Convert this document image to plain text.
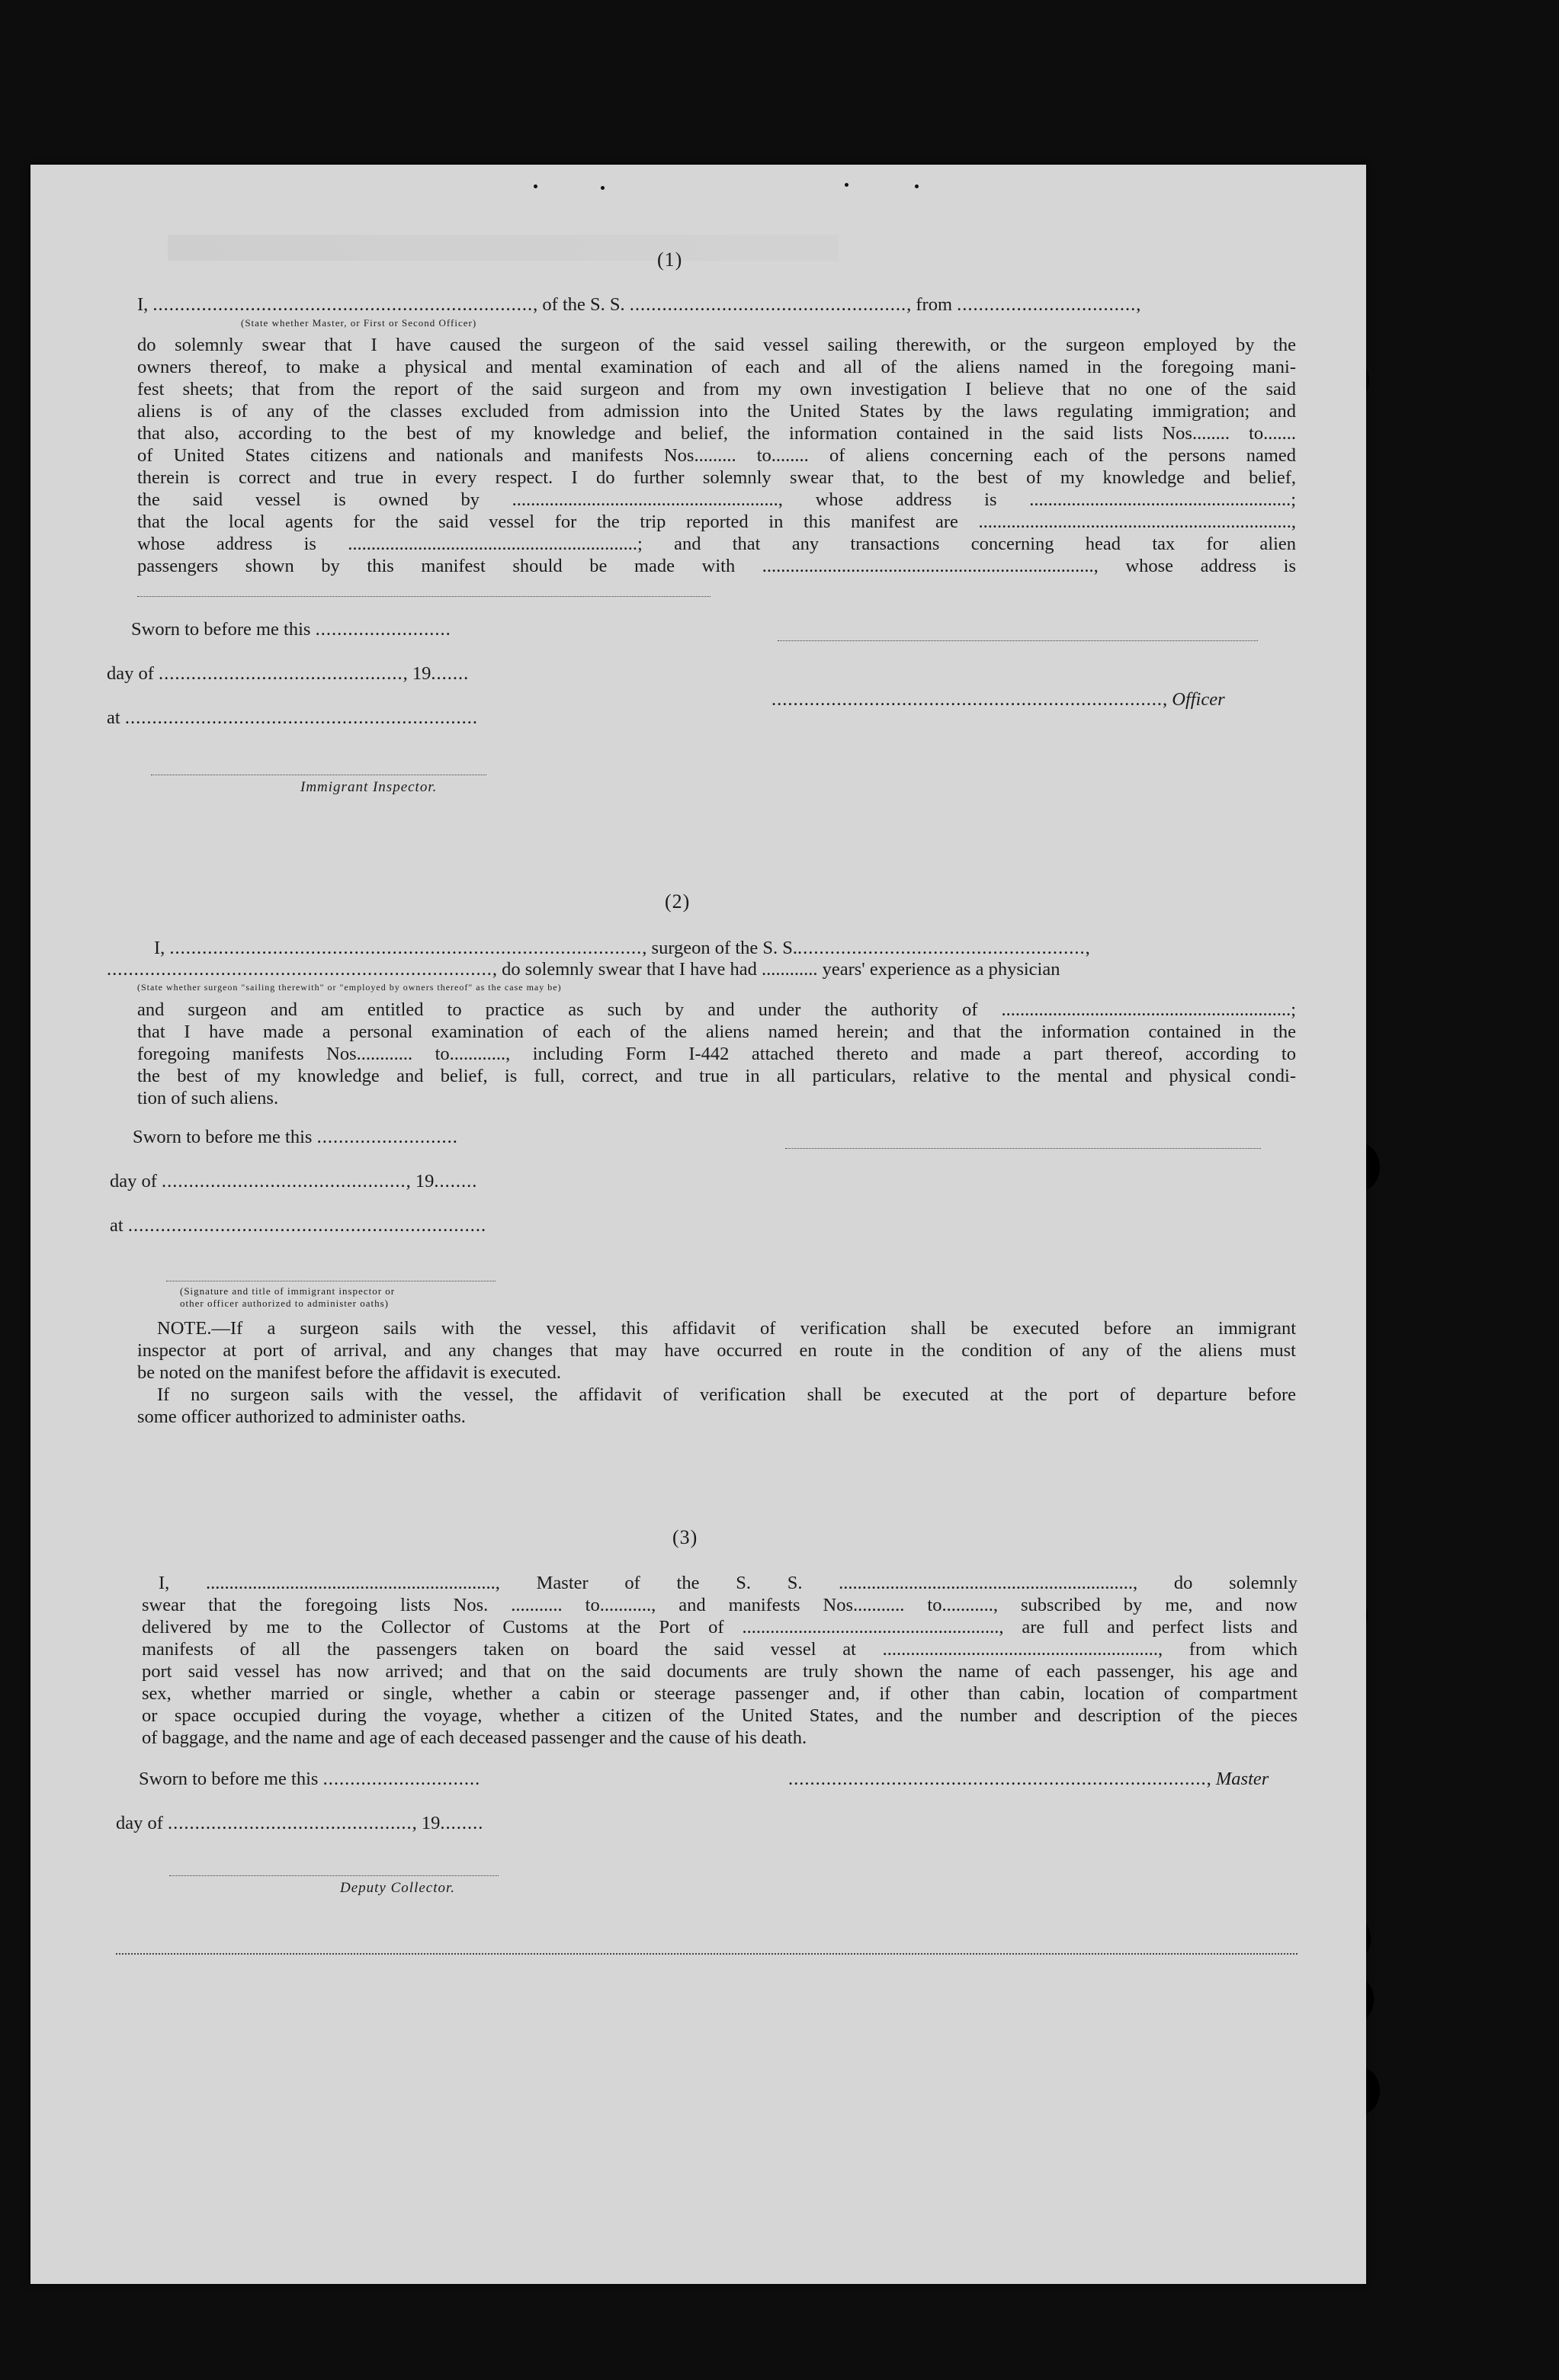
(1)
I, ......................................................................, of the S. S. ..................................................., from .................................,
(State whether Master, or First or Second Officer)
do solemnly swear that I have caused the surgeon of the said vessel sailing therewith, or the surgeon employed by the
owners thereof, to make a physical and mental examination of each and all of the aliens named in the foregoing mani-
fest sheets; that from the report of the said surgeon and from my own investigation I believe that no one of the said
aliens is of any of the classes excluded from admission into the United States by the laws regulating immigration; and
that also, according to the best of my knowledge and belief, the information contained in the said lists Nos........ to.......
of United States citizens and nationals and manifests Nos......... to........ of aliens concerning each of the persons named
therein is correct and true in every respect. I do further solemnly swear that, to the best of my knowledge and belief,
the said vessel is owned by ........................................................., whose address is ........................................................;
that the local agents for the said vessel for the trip reported in this manifest are ...................................................................,
whose address is ..............................................................; and that any transactions concerning head tax for alien
passengers shown by this manifest should be made with ......................................................................., whose address is
Sworn to before me this .........................
day of ............................................., 19.......
at .................................................................
........................................................................, Officer
Immigrant Inspector.
(2)
I, ......................................................................................., surgeon of the S. S......................................................,
......................................................................., do solemnly swear that I have had ............ years' experience as a physician
(State whether surgeon "sailing therewith" or "employed by owners thereof" as the case may be)
and surgeon and am entitled to practice as such by and under the authority of ..............................................................;
that I have made a personal examination of each of the aliens named herein; and that the information contained in the
foregoing manifests Nos............ to............, including Form I-442 attached thereto and made a part thereof, according to
the best of my knowledge and belief, is full, correct, and true in all particulars, relative to the mental and physical condi-
tion of such aliens.
Sworn to before me this ..........................
day of ............................................., 19........
at ..................................................................
(Signature and title of immigrant inspector or
other officer authorized to administer oaths)
NOTE.—If a surgeon sails with the vessel, this affidavit of verification shall be executed before an immigrant
inspector at port of arrival, and any changes that may have occurred en route in the condition of any of the aliens must
be noted on the manifest before the affidavit is executed.
If no surgeon sails with the vessel, the affidavit of verification shall be executed at the port of departure before
some officer authorized to administer oaths.
(3)
I, .............................................................., Master of the S. S. ..............................................................., do solemnly
swear that the foregoing lists Nos. ........... to..........., and manifests Nos........... to..........., subscribed by me, and now
delivered by me to the Collector of Customs at the Port of ......................................................., are full and perfect lists and
manifests of all the passengers taken on board the said vessel at ..........................................................., from which
port said vessel has now arrived; and that on the said documents are truly shown the name of each passenger, his age and
sex, whether married or single, whether a cabin or steerage passenger and, if other than cabin, location of compartment
or space occupied during the voyage, whether a citizen of the United States, and the number and description of the pieces
of baggage, and the name and age of each deceased passenger and the cause of his death.
Sworn to before me this .............................	............................................................................., Master
day of ............................................., 19........
Deputy Collector.
